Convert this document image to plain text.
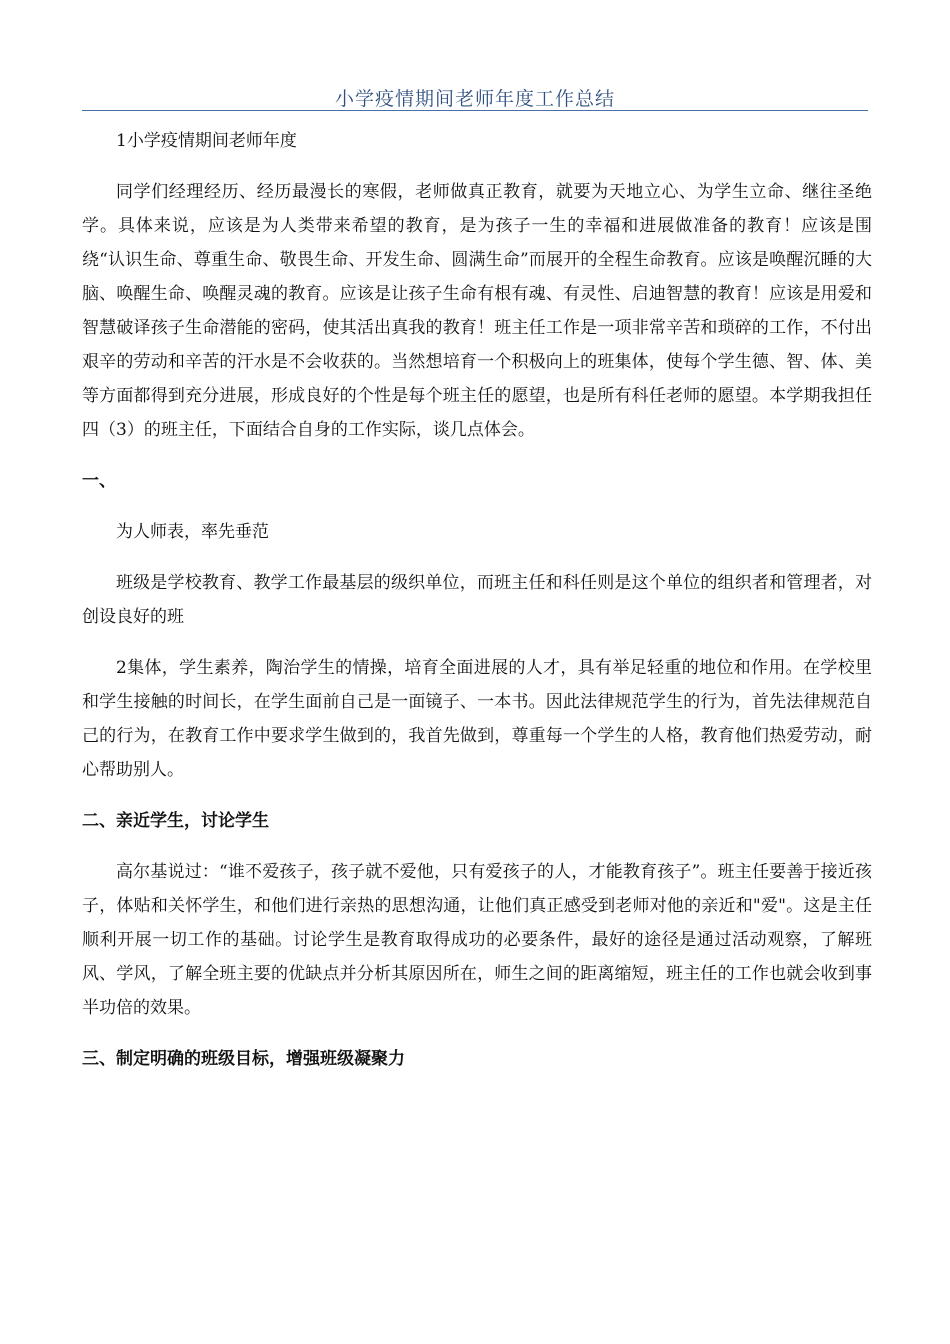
小学疫情期间老师年度工作总结

1小学疫情期间老师年度

同学们经理经历、经历最漫长的寒假，老师做真正教育，就要为天地立心、为学生立命、继往圣绝学。具体来说，应该是为人类带来希望的教育，是为孩子一生的幸福和进展做准备的教育！应该是围绕“认识生命、尊重生命、敬畏生命、开发生命、圆满生命”而展开的全程生命教育。应该是唤醒沉睡的大脑、唤醒生命、唤醒灵魂的教育。应该是让孩子生命有根有魂、有灵性、启迪智慧的教育！应该是用爱和智慧破译孩子生命潜能的密码，使其活出真我的教育！班主任工作是一项非常辛苦和琐碎的工作，不付出艰辛的劳动和辛苦的汗水是不会收获的。当然想培育一个积极向上的班集体，使每个学生德、智、体、美等方面都得到充分进展，形成良好的个性是每个班主任的愿望，也是所有科任老师的愿望。本学期我担任四（3）的班主任，下面结合自身的工作实际，谈几点体会。

一、

为人师表，率先垂范

班级是学校教育、教学工作最基层的级织单位，而班主任和科任则是这个单位的组织者和管理者，对创设良好的班

2集体，学生素养，陶治学生的情操，培育全面进展的人才，具有举足轻重的地位和作用。在学校里和学生接触的时间长，在学生面前自己是一面镜子、一本书。因此法律规范学生的行为，首先法律规范自己的行为，在教育工作中要求学生做到的，我首先做到，尊重每一个学生的人格，教育他们热爱劳动，耐心帮助别人。

二、亲近学生，讨论学生

高尔基说过：“谁不爱孩子，孩子就不爱他，只有爱孩子的人，才能教育孩子”。班主任要善于接近孩子，体贴和关怀学生，和他们进行亲热的思想沟通，让他们真正感受到老师对他的亲近和"爱"。这是主任顺利开展一切工作的基础。讨论学生是教育取得成功的必要条件，最好的途径是通过活动观察，了解班风、学风，了解全班主要的优缺点并分析其原因所在，师生之间的距离缩短，班主任的工作也就会收到事半功倍的效果。

三、制定明确的班级目标，增强班级凝聚力
